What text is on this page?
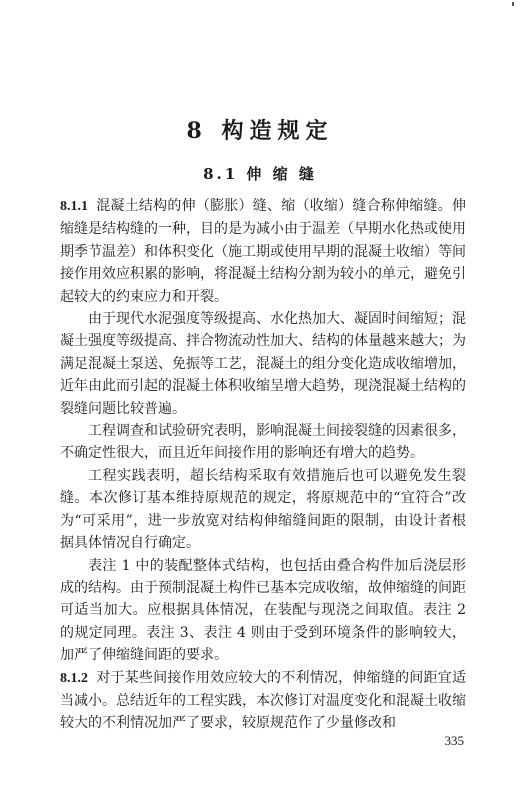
8 构造规定
8.1 伸 缩 缝

8.1.1 混凝土结构的伸（膨胀）缝、缩（收缩）缝合称伸缩缝。伸缩缝是结构缝的一种，目的是为减小由于温差（早期水化热或使用期季节温差）和体积变化（施工期或使用早期的混凝土收缩）等间接作用效应积累的影响，将混凝土结构分割为较小的单元，避免引起较大的约束应力和开裂。

由于现代水泥强度等级提高、水化热加大、凝固时间缩短；混凝土强度等级提高、拌合物流动性加大、结构的体量越来越大；为满足混凝土泵送、免振等工艺，混凝土的组分变化造成收缩增加，近年由此而引起的混凝土体积收缩呈增大趋势，现浇混凝土结构的裂缝问题比较普遍。

工程调查和试验研究表明，影响混凝土间接裂缝的因素很多，不确定性很大，而且近年间接作用的影响还有增大的趋势。

工程实践表明，超长结构采取有效措施后也可以避免发生裂缝。本次修订基本维持原规范的规定，将原规范中的“宜符合”改为“可采用”，进一步放宽对结构伸缩缝间距的限制，由设计者根据具体情况自行确定。

表注 1 中的装配整体式结构，也包括由叠合构件加后浇层形成的结构。由于预制混凝土构件已基本完成收缩，故伸缩缝的间距可适当加大。应根据具体情况，在装配与现浇之间取值。表注 2 的规定同理。表注 3、表注 4 则由于受到环境条件的影响较大，加严了伸缩缝间距的要求。

8.1.2 对于某些间接作用效应较大的不利情况，伸缩缝的间距宜适当减小。总结近年的工程实践，本次修订对温度变化和混凝土收缩较大的不利情况加严了要求，较原规范作了少量修改和

335
